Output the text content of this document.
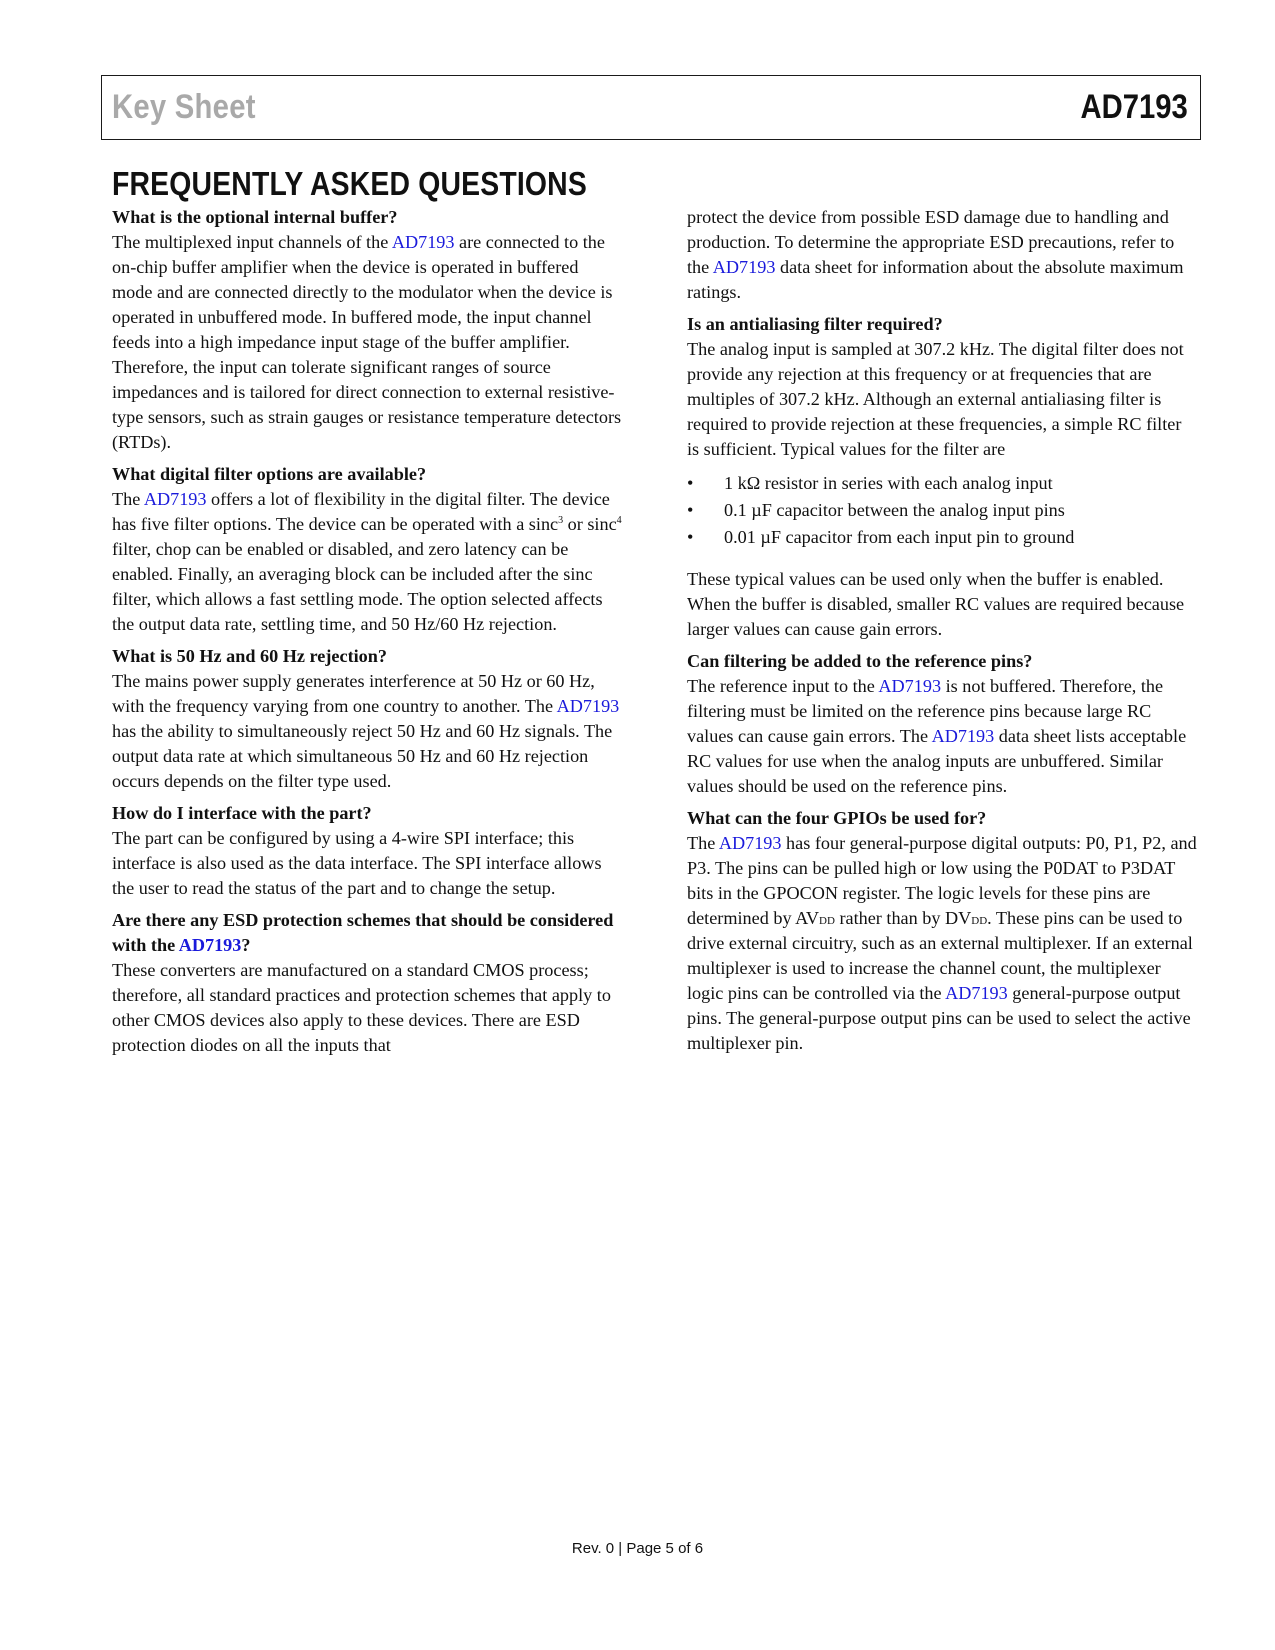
Key Sheet	AD7193
FREQUENTLY ASKED QUESTIONS

What is the optional internal buffer?

The multiplexed input channels of the AD7193 are connected to the on-chip buffer amplifier when the device is operated in buffered mode and are connected directly to the modulator when the device is operated in unbuffered mode. In buffered mode, the input channel feeds into a high impedance input stage of the buffer amplifier. Therefore, the input can tolerate significant ranges of source impedances and is tailored for direct connection to external resistive-type sensors, such as strain gauges or resistance temperature detectors (RTDs).

What digital filter options are available?

The AD7193 offers a lot of flexibility in the digital filter. The device has five filter options. The device can be operated with a sinc$^3$ or sinc$^4$ filter, chop can be enabled or disabled, and zero latency can be enabled. Finally, an averaging block can be included after the sinc filter, which allows a fast settling mode. The option selected affects the output data rate, settling time, and 50 Hz/60 Hz rejection.

What is 50 Hz and 60 Hz rejection?

The mains power supply generates interference at 50 Hz or 60 Hz, with the frequency varying from one country to another. The AD7193 has the ability to simultaneously reject 50 Hz and 60 Hz signals. The output data rate at which simultaneous 50 Hz and 60 Hz rejection occurs depends on the filter type used.

How do I interface with the part?

The part can be configured by using a 4-wire SPI interface; this interface is also used as the data interface. The SPI interface allows the user to read the status of the part and to change the setup.

Are there any ESD protection schemes that should be considered with the AD7193?

These converters are manufactured on a standard CMOS process; therefore, all standard practices and protection schemes that apply to other CMOS devices also apply to these devices. There are ESD protection diodes on all the inputs that

protect the device from possible ESD damage due to handling and production. To determine the appropriate ESD precautions, refer to the AD7193 data sheet for information about the absolute maximum ratings.

Is an antialiasing filter required?

The analog input is sampled at 307.2 kHz. The digital filter does not provide any rejection at this frequency or at frequencies that are multiples of 307.2 kHz. Although an external antialiasing filter is required to provide rejection at these frequencies, a simple RC filter is sufficient. Typical values for the filter are

• 1 kΩ resistor in series with each analog input
• 0.1 µF capacitor between the analog input pins
• 0.01 µF capacitor from each input pin to ground

These typical values can be used only when the buffer is enabled. When the buffer is disabled, smaller RC values are required because larger values can cause gain errors.

Can filtering be added to the reference pins?

The reference input to the AD7193 is not buffered. Therefore, the filtering must be limited on the reference pins because large RC values can cause gain errors. The AD7193 data sheet lists acceptable RC values for use when the analog inputs are unbuffered. Similar values should be used on the reference pins.

What can the four GPIOs be used for?

The AD7193 has four general-purpose digital outputs: P0, P1, P2, and P3. The pins can be pulled high or low using the P0DAT to P3DAT bits in the GPOCON register. The logic levels for these pins are determined by AVDD rather than by DVDD. These pins can be used to drive external circuitry, such as an external multiplexer. If an external multiplexer is used to increase the channel count, the multiplexer logic pins can be controlled via the AD7193 general-purpose output pins. The general-purpose output pins can be used to select the active multiplexer pin.

Rev. 0 | Page 5 of 6
